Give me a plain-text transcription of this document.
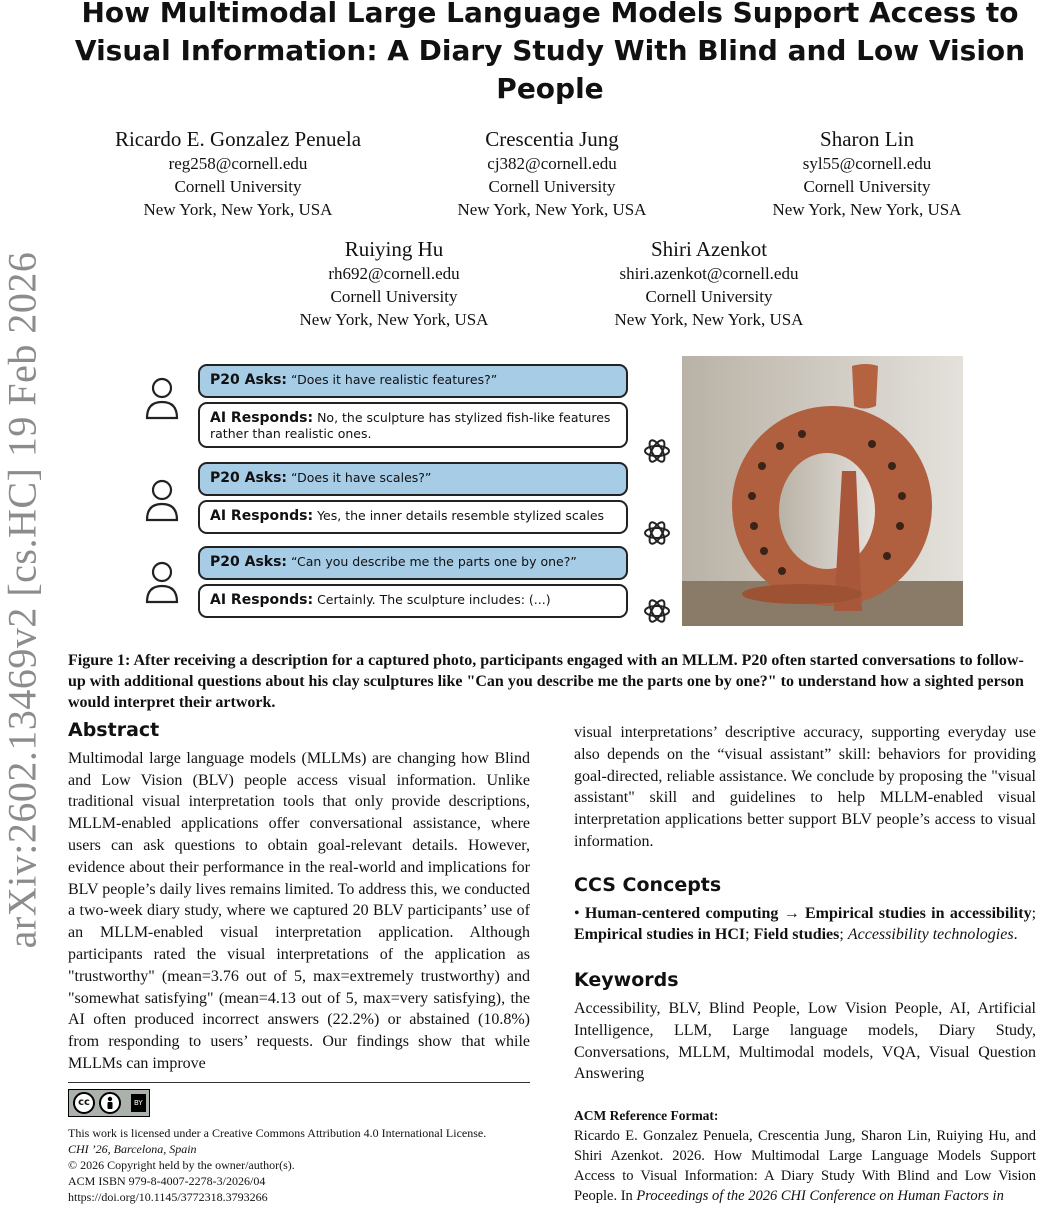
arXiv:2602.13469v2 [cs.HC] 19 Feb 2026
How Multimodal Large Language Models Support Access to Visual Information: A Diary Study With Blind and Low Vision People
Ricardo E. Gonzalez Penuela
reg258@cornell.edu
Cornell University
New York, New York, USA
Crescentia Jung
cj382@cornell.edu
Cornell University
New York, New York, USA
Sharon Lin
syl55@cornell.edu
Cornell University
New York, New York, USA
Ruiying Hu
rh692@cornell.edu
Cornell University
New York, New York, USA
Shiri Azenkot
shiri.azenkot@cornell.edu
Cornell University
New York, New York, USA
P20 Asks: “Does it have realistic features?”
AI Responds: No, the sculpture has stylized fish-like features rather than realistic ones.
P20 Asks: “Does it have scales?”
AI Responds: Yes, the inner details resemble stylized scales
P20 Asks: “Can you describe me the parts one by one?”
AI Responds: Certainly. The sculpture includes: (...)
Figure 1: After receiving a description for a captured photo, participants engaged with an MLLM. P20 often started conversations to follow-up with additional questions about his clay sculptures like "Can you describe me the parts one by one?" to understand how a sighted person would interpret their artwork.
Abstract

Multimodal large language models (MLLMs) are changing how Blind and Low Vision (BLV) people access visual information. Unlike traditional visual interpretation tools that only provide descriptions, MLLM-enabled applications offer conversational assistance, where users can ask questions to obtain goal-relevant details. However, evidence about their performance in the real-world and implications for BLV people’s daily lives remains limited. To address this, we conducted a two-week diary study, where we captured 20 BLV participants’ use of an MLLM-enabled visual interpretation application. Although participants rated the visual interpretations of the application as "trustworthy" (mean=3.76 out of 5, max=extremely trustworthy) and "somewhat satisfying" (mean=4.13 out of 5, max=very satisfying), the AI often produced incorrect answers (22.2%) or abstained (10.8%) from responding to users’ requests. Our findings show that while MLLMs can improve

cc	BY
This work is licensed under a Creative Commons Attribution 4.0 International License.
CHI ’26, Barcelona, Spain
© 2026 Copyright held by the owner/author(s).
ACM ISBN 979-8-4007-2278-3/2026/04
https://doi.org/10.1145/3772318.3793266

visual interpretations’ descriptive accuracy, supporting everyday use also depends on the “visual assistant” skill: behaviors for providing goal-directed, reliable assistance. We conclude by proposing the "visual assistant" skill and guidelines to help MLLM-enabled visual interpretation applications better support BLV people’s access to visual information.

CCS Concepts

• Human-centered computing → Empirical studies in accessibility; Empirical studies in HCI; Field studies; Accessibility technologies.

Keywords

Accessibility, BLV, Blind People, Low Vision People, AI, Artificial Intelligence, LLM, Large language models, Diary Study, Conversations, MLLM, Multimodal models, VQA, Visual Question Answering

ACM Reference Format:
Ricardo E. Gonzalez Penuela, Crescentia Jung, Sharon Lin, Ruiying Hu, and Shiri Azenkot. 2026. How Multimodal Large Language Models Support Access to Visual Information: A Diary Study With Blind and Low Vision People. In Proceedings of the 2026 CHI Conference on Human Factors in
